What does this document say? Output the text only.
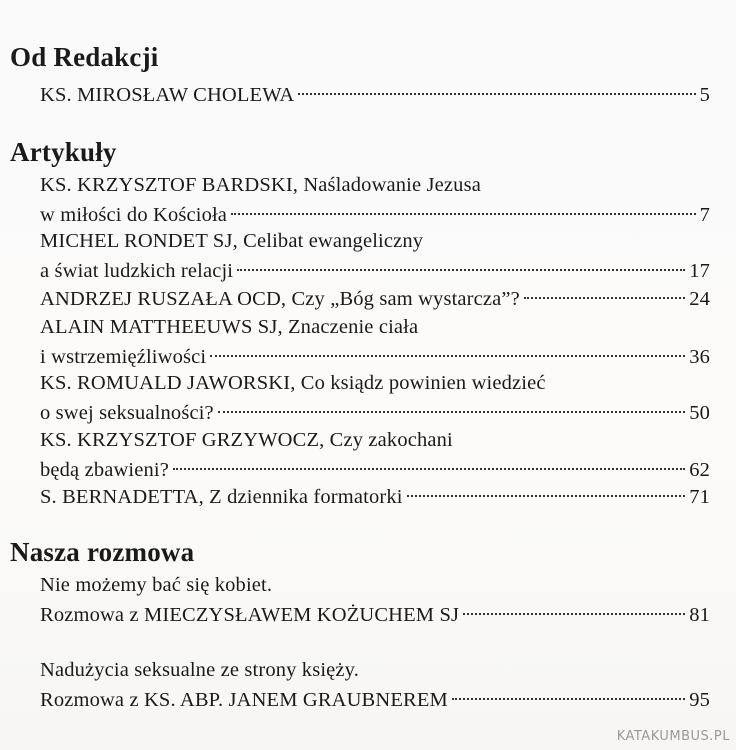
Od Redakcji
KS. MIROSŁAW CHOLEWA	5
Artykuły
KS. KRZYSZTOF BARDSKI, Naśladowanie Jezusa
w miłości do Kościoła	7
MICHEL RONDET SJ, Celibat ewangeliczny
a świat ludzkich relacji	17
ANDRZEJ RUSZAŁA OCD, Czy „Bóg sam wystarcza”?	24
ALAIN MATTHEEUWS SJ, Znaczenie ciała
i wstrzemięźliwości	36
KS. ROMUALD JAWORSKI, Co ksiądz powinien wiedzieć
o swej seksualności?	50
KS. KRZYSZTOF GRZYWOCZ, Czy zakochani
będą zbawieni?	62
S. BERNADETTA, Z dziennika formatorki	71
Nasza rozmowa
Nie możemy bać się kobiet.
Rozmowa z MIECZYSŁAWEM KOŻUCHEM SJ	81
Nadużycia seksualne ze strony księży.
Rozmowa z KS. ABP. JANEM GRAUBNEREM	95
KATAKUMBUS.PL
